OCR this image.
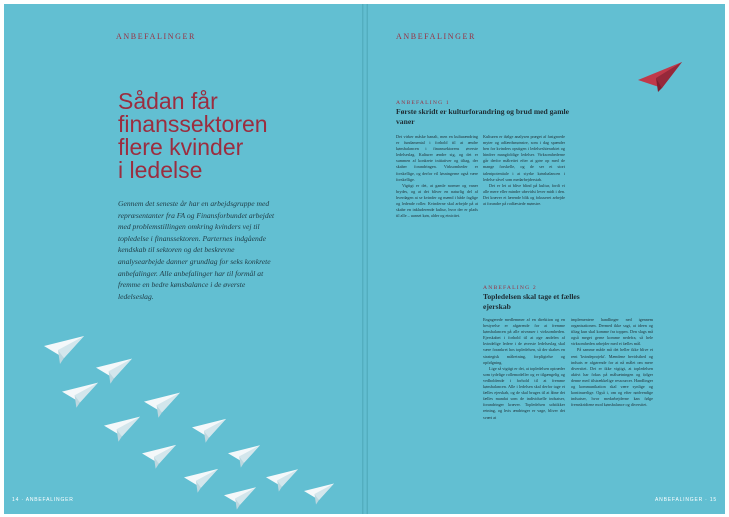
ANBEFALINGER
Sådan får
finanssektoren
flere kvinder
i ledelse

Gennem det seneste år har en arbejdsgruppe med repræsentanter fra FA og Finansforbundet arbejdet med problemstillingen omkring kvinders vej til topledelse i finanssektoren. Parternes indgående kendskab til sektoren og det beskrevne analysearbejde danner grundlag for seks konkrete anbefalinger. Alle anbefalinger har til formål at fremme en bedre kønsbalance i de øverste ledelseslag.

14 · ANBEFALINGER
ANBEFALINGER
ANBEFALING 1
Første skridt er kulturforandring og brud med gamle vaner

Det virker måske banalt, men en kulturændring er fundamental i forhold til at ændre kønsbalancen i finanssektorens øverste ledelseslag. Kulturer ændre sig, og det er summen af konkrete initiativer og tiltag, der skaber forandringen. Virksomheder er forskellige, og derfor vil løsningerne også være forskellige.

Vigtigt er det, at gamle normer og vaner brydes, og at det bliver en naturlig del af hverdagen at se kvinder og mænd i både faglige og ledende roller. Kvinderne skal arbejde på at skabe en inkluderende kultur, hvor der er plads til alle – uanset køn, alder og etnicitet.

Kulturen er ifølge analysen præget af fastgroede myter og adfærdsmønstre, som i dag spænder ben for kvinders opstigen i ledelseshierarkiet og hindrer mangfoldige ledelser. Virksomhederne går derfor målrettet efter at gøre op med de mange forskelle, og de ser et stort talentpotentiale i at styrke kønsbalancen i ledelse såvel som medarbejderstab.

Det er let at blive blind på kultur, fordi vi alle mere eller mindre ubevidst lever midt i den. Det kræver et lærende blik og fokuseret arbejde at forandre på rodfæstede mønstre.

ANBEFALING 2
Topledelsen skal tage et fælles ejerskab

Engagerede medlemmer af en direktion og en bestyrelse er afgørende for at fremme kønsbalancen på alle niveauer i virksomheden. Ejerskabet i forhold til at øge andelen af kvindelige ledere i de øverste ledelseslag skal være forankret hos topledelsen, så der skabes en strategisk målretning, forpligtelse og opfølgning.

Lige så vigtigt er det, at topledelsen optræder som tydelige rollemodeller og er tilgængelig og vedholdende i forhold til at fremme kønsbalancen. Alle i ledelsen skal derfor tage et fælles ejerskab, og de skal bruges til at åbne det fælles mandat som de individuelle indsatser, forandringer kræver. Topledelsen udstikker retning, og hvis ændringer er vage, bliver det svært at

implementere handlinger ned igennem organisationen. Dermed ikke sagt, at ideen og tiltag kun skal komme fra toppen. Den slags må også meget gerne komme nedefra, så hele virksomheden arbejder med et fælles mål.

På samme måde må det heller ikke blive et rent 'kvindeprojekt'. Mændene bevidsthed og indsats er afgørende for at nå målet om mere diversitet. Det er ikke vigtigt, at topledelsen aktivt har fokus på målsætningen og følger denne med tilstrækkelige ressourcer. Handlinger og kommunikation skal være synlige og kontinuerlige. Også i, om og efter nødvendige indsatser, hvor medarbejderne kan følge fremskridtene mod kønsbalance og diversitet.

ANBEFALINGER · 15
